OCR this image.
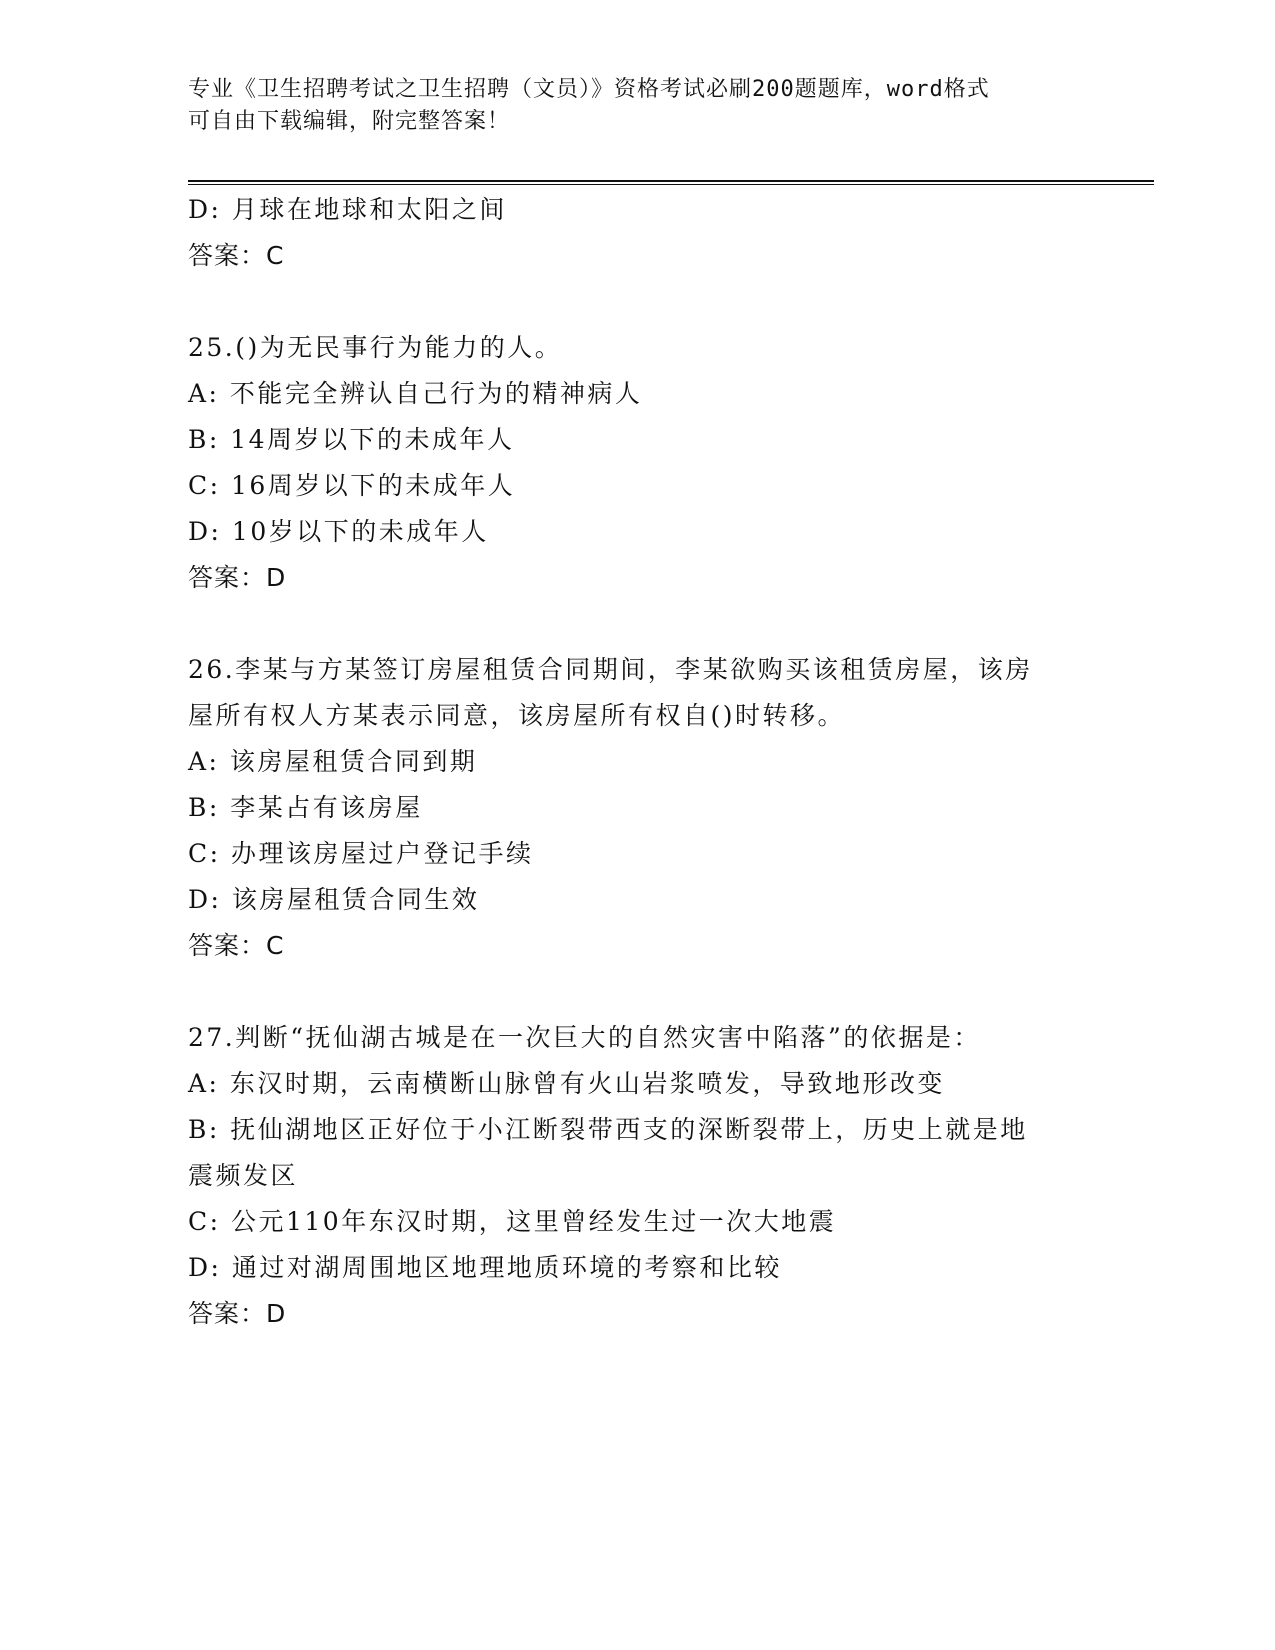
专业《卫生招聘考试之卫生招聘（文员）》资格考试必刷200题题库，word格式
可自由下载编辑，附完整答案！
D: 月球在地球和太阳之间
答案：C
25.()为无民事行为能力的人。
A: 不能完全辨认自己行为的精神病人
B: 14周岁以下的未成年人
C: 16周岁以下的未成年人
D: 10岁以下的未成年人
答案：D
26.李某与方某签订房屋租赁合同期间，李某欲购买该租赁房屋，该房
屋所有权人方某表示同意，该房屋所有权自()时转移。
A: 该房屋租赁合同到期
B: 李某占有该房屋
C: 办理该房屋过户登记手续
D: 该房屋租赁合同生效
答案：C
27.判断“抚仙湖古城是在一次巨大的自然灾害中陷落”的依据是：
A: 东汉时期，云南横断山脉曾有火山岩浆喷发，导致地形改变
B: 抚仙湖地区正好位于小江断裂带西支的深断裂带上，历史上就是地
震频发区
C: 公元110年东汉时期，这里曾经发生过一次大地震
D: 通过对湖周围地区地理地质环境的考察和比较
答案：D
